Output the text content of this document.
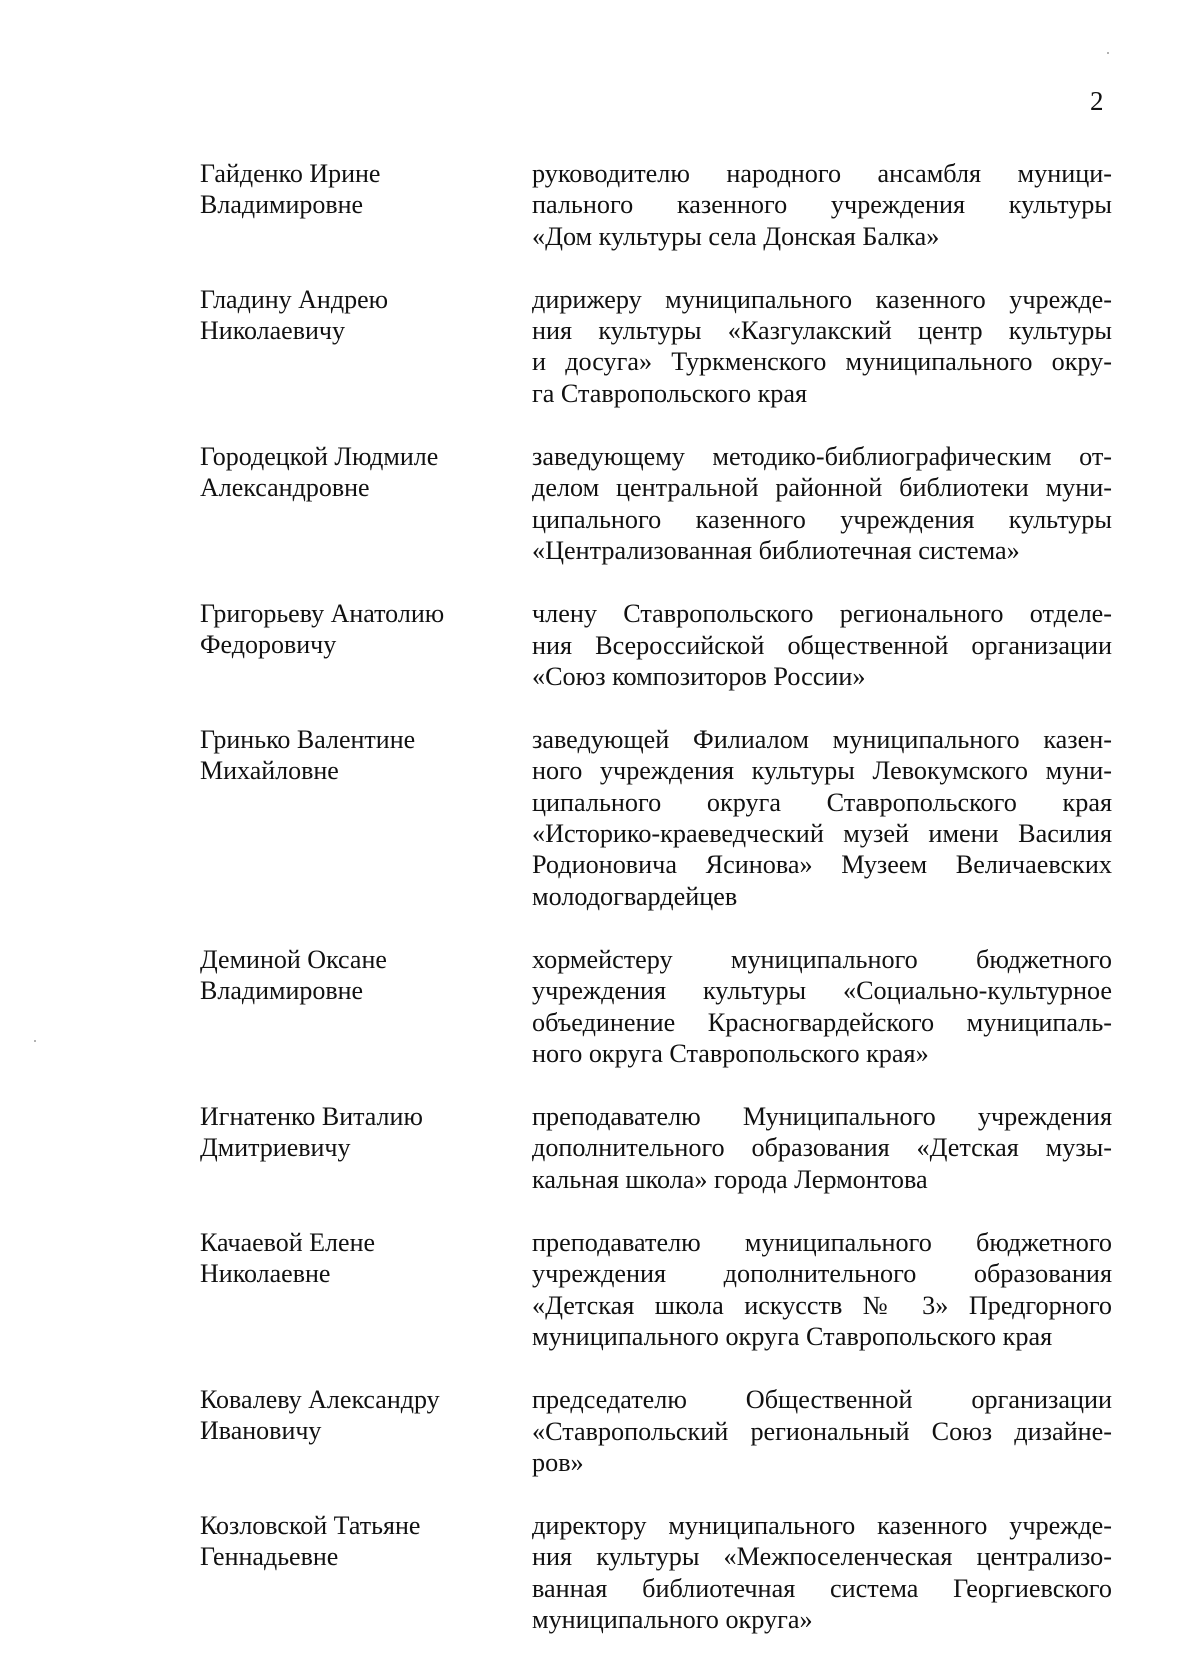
2
Гайденко Ирине
Владимировне
руководителю народного ансамбля муници-
пального казенного учреждения культуры
«Дом культуры села Донская Балка»
Гладину Андрею
Николаевичу
дирижеру муниципального казенного учрежде-
ния культуры «Казгулакский центр культуры
и досуга» Туркменского муниципального окру-
га Ставропольского края
Городецкой Людмиле
Александровне
заведующему методико-библиографическим от-
делом центральной районной библиотеки муни-
ципального казенного учреждения культуры
«Централизованная библиотечная система»
Григорьеву Анатолию
Федоровичу
члену Ставропольского регионального отделе-
ния Всероссийской общественной организации
«Союз композиторов России»
Гринько Валентине
Михайловне
заведующей Филиалом муниципального казен-
ного учреждения культуры Левокумского муни-
ципального округа Ставропольского края
«Историко-краеведческий музей имени Василия
Родионовича Ясинова» Музеем Величаевских
молодогвардейцев
Деминой Оксане
Владимировне
хормейстеру муниципального бюджетного
учреждения культуры «Социально-культурное
объединение Красногвардейского муниципаль-
ного округа Ставропольского края»
Игнатенко Виталию
Дмитриевичу
преподавателю Муниципального учреждения
дополнительного образования «Детская музы-
кальная школа» города Лермонтова
Качаевой Елене
Николаевне
преподавателю муниципального бюджетного
учреждения дополнительного образования
«Детская школа искусств № 3» Предгорного
муниципального округа Ставропольского края
Ковалеву Александру
Ивановичу
председателю Общественной организации
«Ставропольский региональный Союз дизайне-
ров»
Козловской Татьяне
Геннадьевне
директору муниципального казенного учрежде-
ния культуры «Межпоселенческая централизо-
ванная библиотечная система Георгиевского
муниципального округа»
